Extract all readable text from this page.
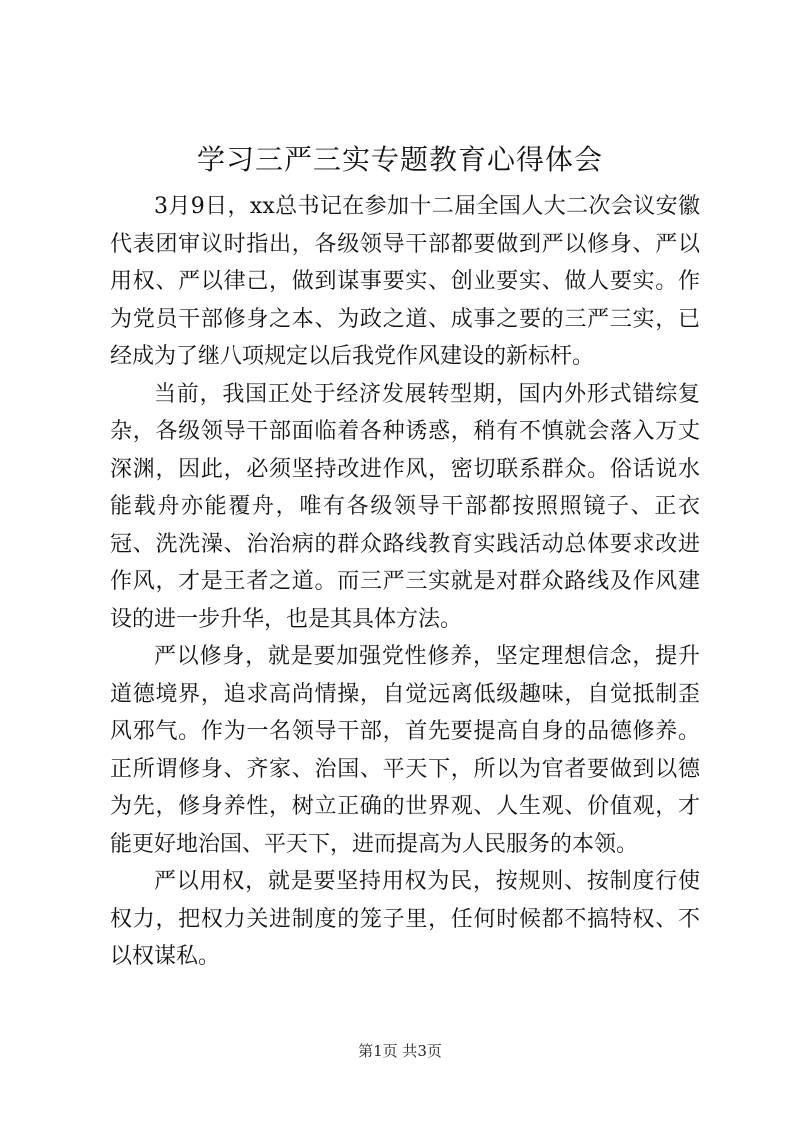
学习三严三实专题教育心得体会

3月9日，xx总书记在参加十二届全国人大二次会议安徽代表团审议时指出，各级领导干部都要做到严以修身、严以用权、严以律己，做到谋事要实、创业要实、做人要实。作为党员干部修身之本、为政之道、成事之要的三严三实，已经成为了继八项规定以后我党作风建设的新标杆。

当前，我国正处于经济发展转型期，国内外形式错综复杂，各级领导干部面临着各种诱惑，稍有不慎就会落入万丈深渊，因此，必须坚持改进作风，密切联系群众。俗话说水能载舟亦能覆舟，唯有各级领导干部都按照照镜子、正衣冠、洗洗澡、治治病的群众路线教育实践活动总体要求改进作风，才是王者之道。而三严三实就是对群众路线及作风建设的进一步升华，也是其具体方法。

严以修身，就是要加强党性修养，坚定理想信念，提升道德境界，追求高尚情操，自觉远离低级趣味，自觉抵制歪风邪气。作为一名领导干部，首先要提高自身的品德修养。正所谓修身、齐家、治国、平天下，所以为官者要做到以德为先，修身养性，树立正确的世界观、人生观、价值观，才能更好地治国、平天下，进而提高为人民服务的本领。

严以用权，就是要坚持用权为民，按规则、按制度行使权力，把权力关进制度的笼子里，任何时候都不搞特权、不以权谋私。

第1页 共3页
